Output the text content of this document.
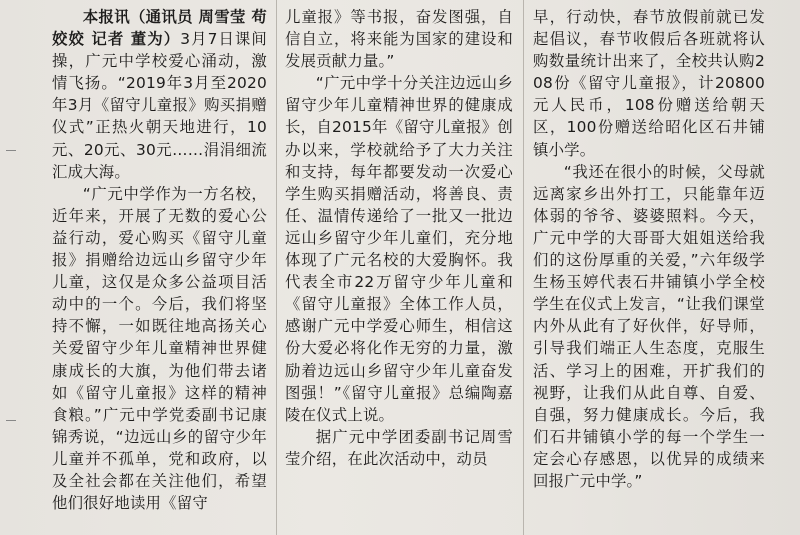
本报讯（通讯员 周雪莹 苟姣姣 记者 董为）3月7日课间操，广元中学校爱心涌动，激情飞扬。“2019年3月至2020年3月《留守儿童报》购买捐赠仪式”正热火朝天地进行，10元、20元、30元……涓涓细流汇成大海。

“广元中学作为一方名校，近年来，开展了无数的爱心公益行动，爱心购买《留守儿童报》捐赠给边远山乡留守少年儿童，这仅是众多公益项目活动中的一个。今后，我们将坚持不懈，一如既往地高扬关心关爱留守少年儿童精神世界健康成长的大旗，为他们带去诸如《留守儿童报》这样的精神食粮。”广元中学党委副书记康锦秀说，“边远山乡的留守少年儿童并不孤单，党和政府，以及全社会都在关注他们，希望他们很好地读用《留守

儿童报》等书报，奋发图强，自信自立，将来能为国家的建设和发展贡献力量。”

“广元中学十分关注边远山乡留守少年儿童精神世界的健康成长，自2015年《留守儿童报》创办以来，学校就给予了大力关注和支持，每年都要发动一次爱心学生购买捐赠活动，将善良、责任、温情传递给了一批又一批边远山乡留守少年儿童们，充分地体现了广元名校的大爱胸怀。我代表全市22万留守少年儿童和《留守儿童报》全体工作人员，感谢广元中学爱心师生，相信这份大爱必将化作无穷的力量，激励着边远山乡留守少年儿童奋发图强！”《留守儿童报》总编陶嘉陵在仪式上说。

据广元中学团委副书记周雪莹介绍，在此次活动中，动员

早，行动快，春节放假前就已发起倡议，春节收假后各班就将认购数量统计出来了，全校共认购208份《留守儿童报》，计20800元人民币，108份赠送给朝天区，100份赠送给昭化区石井铺镇小学。

“我还在很小的时候，父母就远离家乡出外打工，只能靠年迈体弱的爷爷、婆婆照料。今天，广元中学的大哥哥大姐姐送给我们的这份厚重的关爱，”六年级学生杨玉婷代表石井铺镇小学全校学生在仪式上发言，“让我们课堂内外从此有了好伙伴，好导师，引导我们端正人生态度，克服生活、学习上的困难，开扩我们的视野，让我们从此自尊、自爱、自强，努力健康成长。今后，我们石井铺镇小学的每一个学生一定会心存感恩，以优异的成绩来回报广元中学。”
